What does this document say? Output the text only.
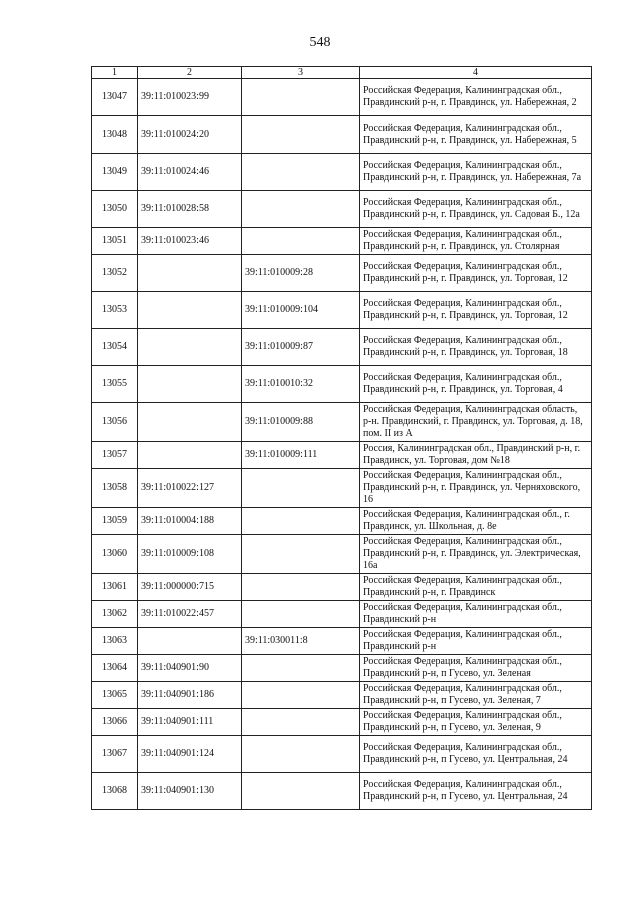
548
1	2	3	4
13047	39:11:010023:99		Российская Федерация, Калининградская обл., Правдинский р-н, г. Правдинск, ул. Набережная, 2
13048	39:11:010024:20		Российская Федерация, Калининградская обл., Правдинский р-н, г. Правдинск, ул. Набережная, 5
13049	39:11:010024:46		Российская Федерация, Калининградская обл., Правдинский р-н, г. Правдинск, ул. Набережная, 7а
13050	39:11:010028:58		Российская Федерация, Калининградская обл., Правдинский р-н, г. Правдинск, ул. Садовая Б., 12а
13051	39:11:010023:46		Российская Федерация, Калининградская обл., Правдинский р-н, г. Правдинск, ул. Столярная
13052		39:11:010009:28	Российская Федерация, Калининградская обл., Правдинский р-н, г. Правдинск, ул. Торговая, 12
13053		39:11:010009:104	Российская Федерация, Калининградская обл., Правдинский р-н, г. Правдинск, ул. Торговая, 12
13054		39:11:010009:87	Российская Федерация, Калининградская обл., Правдинский р-н, г. Правдинск, ул. Торговая, 18
13055		39:11:010010:32	Российская Федерация, Калининградская обл., Правдинский р-н, г. Правдинск, ул. Торговая, 4
13056		39:11:010009:88	Российская Федерация, Калининградская область, р-н. Правдинский, г. Правдинск, ул. Торговая, д. 18, пом. II из А
13057		39:11:010009:111	Россия, Калининградская обл., Правдинский р-н, г. Правдинск, ул. Торговая, дом №18
13058	39:11:010022:127		Российская Федерация, Калининградская обл., Правдинский р-н, г. Правдинск, ул. Черняховского, 16
13059	39:11:010004:188		Российская Федерация, Калининградская обл., г. Правдинск, ул. Школьная, д. 8е
13060	39:11:010009:108		Российская Федерация, Калининградская обл., Правдинский р-н, г. Правдинск, ул. Электрическая, 16а
13061	39:11:000000:715		Российская Федерация, Калининградская обл., Правдинский р-н, г. Правдинск
13062	39:11:010022:457		Российская Федерация, Калининградская обл., Правдинский р-н
13063		39:11:030011:8	Российская Федерация, Калининградская обл., Правдинский р-н
13064	39:11:040901:90		Российская Федерация, Калининградская обл., Правдинский р-н, п Гусево, ул. Зеленая
13065	39:11:040901:186		Российская Федерация, Калининградская обл., Правдинский р-н, п Гусево, ул. Зеленая, 7
13066	39:11:040901:111		Российская Федерация, Калининградская обл., Правдинский р-н, п Гусево, ул. Зеленая, 9
13067	39:11:040901:124		Российская Федерация, Калининградская обл., Правдинский р-н, п Гусево, ул. Центральная, 24
13068	39:11:040901:130		Российская Федерация, Калининградская обл., Правдинский р-н, п Гусево, ул. Центральная, 24
